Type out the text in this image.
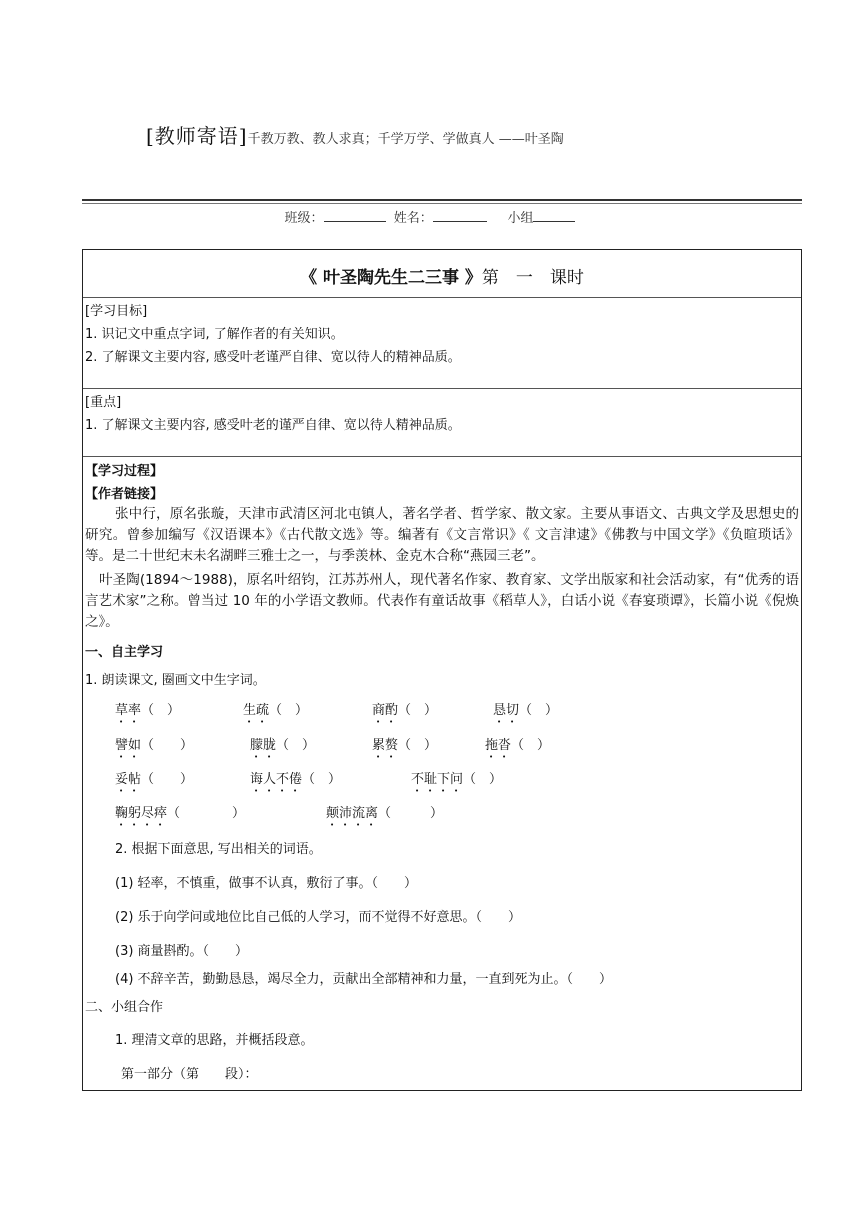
[教师寄语]千教万教、教人求真；千学万学、学做真人 ——叶圣陶
班级：	姓名：	小组
《 叶圣陶先生二三事 》第　一　课时
[学习目标]
1. 识记文中重点字词, 了解作者的有关知识。
2. 了解课文主要内容, 感受叶老谨严自律、宽以待人的精神品质。
[重点]
1. 了解课文主要内容, 感受叶老的谨严自律、宽以待人精神品质。
【学习过程】
【作者链接】

张中行，原名张璇，天津市武清区河北屯镇人，著名学者、哲学家、散文家。主要从事语文、古典文学及思想史的研究。曾参加编写《汉语课本》《古代散文选》等。编著有《文言常识》《 文言津逮》《佛教与中国文学》《负暄琐话》等。是二十世纪末未名湖畔三雅士之一，与季羡林、金克木合称“燕园三老”。

叶圣陶(1894～1988)，原名叶绍钧，江苏苏州人，现代著名作家、教育家、文学出版家和社会活动家，有“优秀的语言艺术家”之称。曾当过 10 年的小学语文教师。代表作有童话故事《稻草人》，白话小说《春宴琐谭》，长篇小说《倪焕之》。

一、自主学习
1. 朗读课文, 圈画文中生字词。
草率（　）	生疏（　）	商酌（　）	恳切（　）
譬如（　　）	朦胧（　）	累赘（　）	拖沓（　）
妥帖（　　）	诲人不倦（　）	不耻下问（　）
鞠躬尽瘁（　　　　）	颠沛流离（　　　）
2. 根据下面意思, 写出相关的词语。
(1) 轻率，不慎重，做事不认真，敷衍了事。（　　）
(2) 乐于向学问或地位比自己低的人学习，而不觉得不好意思。（　　）
(3) 商量斟酌。（　　）
(4) 不辞辛苦，勤勤恳恳，竭尽全力，贡献出全部精神和力量，一直到死为止。（　　）
二、小组合作
1. 理清文章的思路，并概括段意。
第一部分（第　　段）：
